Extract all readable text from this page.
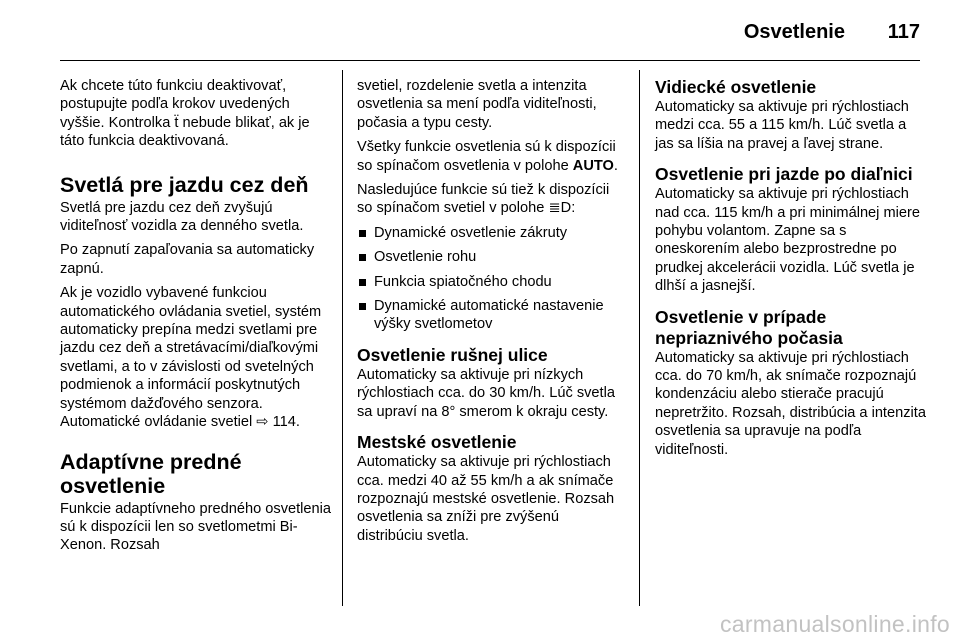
Osvetlenie 117

Ak chcete túto funkciu deaktivovať, postupujte podľa krokov uvedených vyššie. Kontrolka ẗ nebude blikať, ak je táto funkcia deaktivovaná.

Svetlá pre jazdu cez deň

Svetlá pre jazdu cez deň zvyšujú viditeľnosť vozidla za denného svetla.

Po zapnutí zapaľovania sa automaticky zapnú.

Ak je vozidlo vybavené funkciou automatického ovládania svetiel, systém automaticky prepína medzi svetlami pre jazdu cez deň a stretávacími/diaľkovými svetlami, a to v závislosti od svetelných podmienok a informácií poskytnutých systémom dažďového senzora. Automatické ovládanie svetiel ⇨ 114.

Adaptívne predné osvetlenie

Funkcie adaptívneho predného osvetlenia sú k dispozícii len so svetlometmi Bi-Xenon. Rozsah

svetiel, rozdelenie svetla a intenzita osvetlenia sa mení podľa viditeľnosti, počasia a typu cesty.

Všetky funkcie osvetlenia sú k dispozícii so spínačom osvetlenia v polohe AUTO.

Nasledujúce funkcie sú tiež k dispozícii so spínačom svetiel v polohe ≣D:

Dynamické osvetlenie zákruty
Osvetlenie rohu
Funkcia spiatočného chodu
Dynamické automatické nastavenie výšky svetlometov
Osvetlenie rušnej ulice

Automaticky sa aktivuje pri nízkych rýchlostiach cca. do 30 km/h. Lúč svetla sa upraví na 8° smerom k okraju cesty.

Mestské osvetlenie

Automaticky sa aktivuje pri rýchlostiach cca. medzi 40 až 55 km/h a ak snímače rozpoznajú mestské osvetlenie. Rozsah osvetlenia sa zníži pre zvýšenú distribúciu svetla.

Vidiecké osvetlenie

Automaticky sa aktivuje pri rýchlostiach medzi cca. 55 a 115 km/h. Lúč svetla a jas sa líšia na pravej a ľavej strane.

Osvetlenie pri jazde po diaľnici

Automaticky sa aktivuje pri rýchlostiach nad cca. 115 km/h a pri minimálnej miere pohybu volantom. Zapne sa s oneskorením alebo bezprostredne po prudkej akcelerácii vozidla. Lúč svetla je dlhší a jasnejší.

Osvetlenie v prípade nepriaznivého počasia

Automaticky sa aktivuje pri rýchlostiach cca. do 70 km/h, ak snímače rozpoznajú kondenzáciu alebo stierače pracujú nepretržito. Rozsah, distribúcia a intenzita osvetlenia sa upravuje na podľa viditeľnosti.

carmanualsonline.info
